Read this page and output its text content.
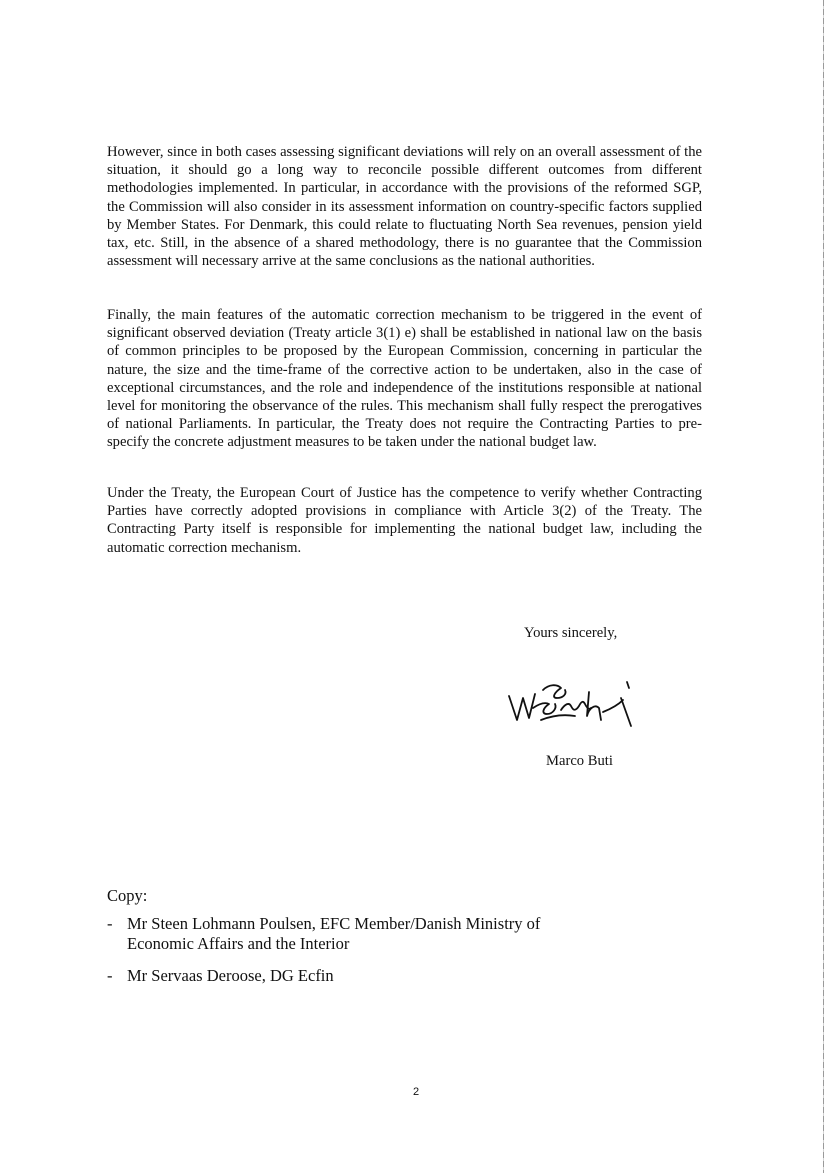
However, since in both cases assessing significant deviations will rely on an overall assessment of the situation, it should go a long way to reconcile possible different outcomes from different methodologies implemented. In particular, in accordance with the provisions of the reformed SGP, the Commission will also consider in its assessment information on country-specific factors supplied by Member States. For Denmark, this could relate to fluctuating North Sea revenues, pension yield tax, etc. Still, in the absence of a shared methodology, there is no guarantee that the Commission assessment will necessary arrive at the same conclusions as the national authorities.

Finally, the main features of the automatic correction mechanism to be triggered in the event of significant observed deviation (Treaty article 3(1) e) shall be established in national law on the basis of common principles to be proposed by the European Commission, concerning in particular the nature, the size and the time-frame of the corrective action to be undertaken, also in the case of exceptional circumstances, and the role and independence of the institutions responsible at national level for monitoring the observance of the rules. This mechanism shall fully respect the prerogatives of national Parliaments. In particular, the Treaty does not require the Contracting Parties to pre-specify the concrete adjustment measures to be taken under the national budget law.

Under the Treaty, the European Court of Justice has the competence to verify whether Contracting Parties have correctly adopted provisions in compliance with Article 3(2) of the Treaty. The Contracting Party itself is responsible for implementing the national budget law, including the automatic correction mechanism.

Yours sincerely,
Marco Buti
Copy:
- Mr Steen Lohmann Poulsen, EFC Member/Danish Ministry of Economic Affairs and the Interior
- Mr Servaas Deroose, DG Ecfin
2
